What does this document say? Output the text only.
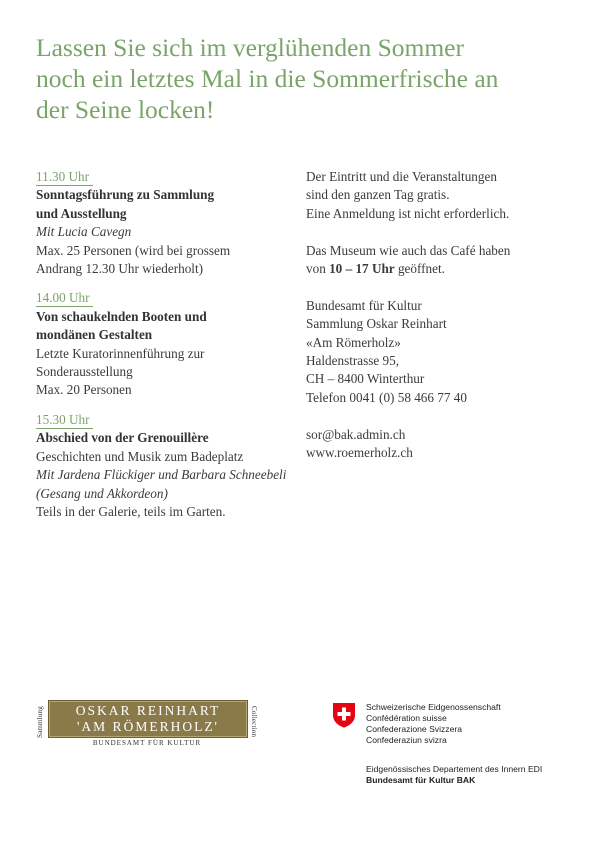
Lassen Sie sich im verglühenden Sommer
noch ein letztes Mal in die Sommerfrische an
der Seine locken!
11.30 Uhr
Sonntagsführung zu Sammlung
und Ausstellung
Mit Lucia Cavegn
Max. 25 Personen (wird bei grossem
Andrang 12.30 Uhr wiederholt)
14.00 Uhr
Von schaukelnden Booten und
mondänen Gestalten
Letzte Kuratorinnenführung zur
Sonderausstellung
Max. 20 Personen
15.30 Uhr
Abschied von der Grenouillère
Geschichten und Musik zum Badeplatz
Mit Jardena Flückiger und Barbara Schneebeli
(Gesang und Akkordeon)
Teils in der Galerie, teils im Garten.
Der Eintritt und die Veranstaltungen
sind den ganzen Tag gratis.
Eine Anmeldung ist nicht erforderlich.
Das Museum wie auch das Café haben
von 10 – 17 Uhr geöffnet.
Bundesamt für Kultur
Sammlung Oskar Reinhart
«Am Römerholz»
Haldenstrasse 95,
CH – 8400 Winterthur
Telefon 0041 (0) 58 466 77 40
sor@bak.admin.ch
www.roemerholz.ch
Sammlung	OSKAR REINHART
'AM RÖMERHOLZ'	Collection
BUNDESAMT FÜR KULTUR
Schweizerische Eidgenossenschaft
Confédération suisse
Confederazione Svizzera
Confederaziun svizra
Eidgenössisches Departement des Innern EDI
Bundesamt für Kultur BAK
